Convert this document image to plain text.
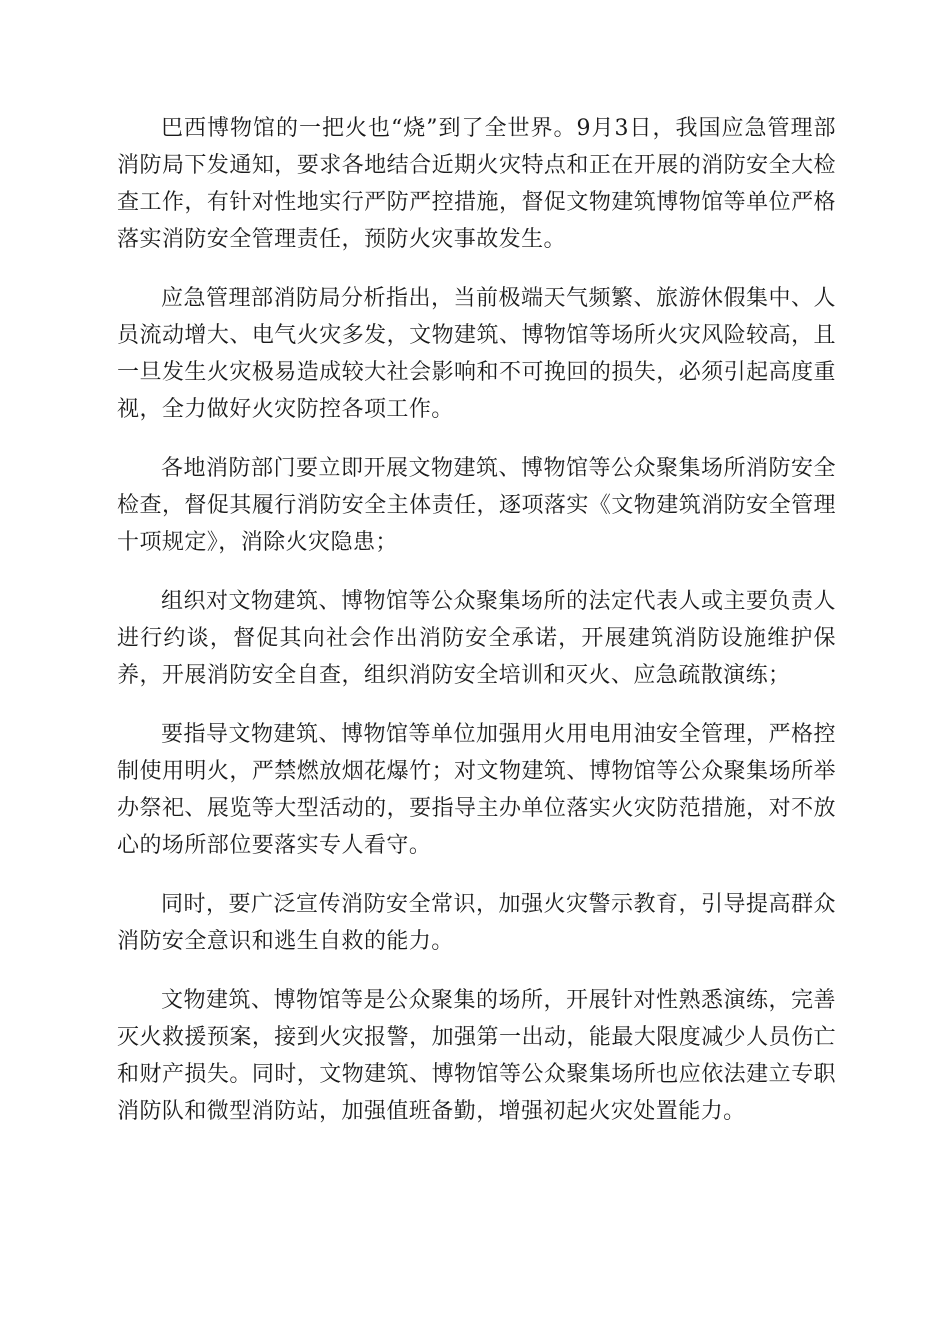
巴西博物馆的一把火也“烧”到了全世界。9月3日，我国应急管理部消防局下发通知，要求各地结合近期火灾特点和正在开展的消防安全大检查工作，有针对性地实行严防严控措施，督促文物建筑博物馆等单位严格落实消防安全管理责任，预防火灾事故发生。

应急管理部消防局分析指出，当前极端天气频繁、旅游休假集中、人员流动增大、电气火灾多发，文物建筑、博物馆等场所火灾风险较高，且一旦发生火灾极易造成较大社会影响和不可挽回的损失，必须引起高度重视，全力做好火灾防控各项工作。

各地消防部门要立即开展文物建筑、博物馆等公众聚集场所消防安全检查，督促其履行消防安全主体责任，逐项落实《文物建筑消防安全管理十项规定》，消除火灾隐患；

组织对文物建筑、博物馆等公众聚集场所的法定代表人或主要负责人进行约谈，督促其向社会作出消防安全承诺，开展建筑消防设施维护保养，开展消防安全自查，组织消防安全培训和灭火、应急疏散演练；

要指导文物建筑、博物馆等单位加强用火用电用油安全管理，严格控制使用明火，严禁燃放烟花爆竹；对文物建筑、博物馆等公众聚集场所举办祭祀、展览等大型活动的，要指导主办单位落实火灾防范措施，对不放心的场所部位要落实专人看守。

同时，要广泛宣传消防安全常识，加强火灾警示教育，引导提高群众消防安全意识和逃生自救的能力。

文物建筑、博物馆等是公众聚集的场所，开展针对性熟悉演练，完善灭火救援预案，接到火灾报警，加强第一出动，能最大限度减少人员伤亡和财产损失。同时，文物建筑、博物馆等公众聚集场所也应依法建立专职消防队和微型消防站，加强值班备勤，增强初起火灾处置能力。
